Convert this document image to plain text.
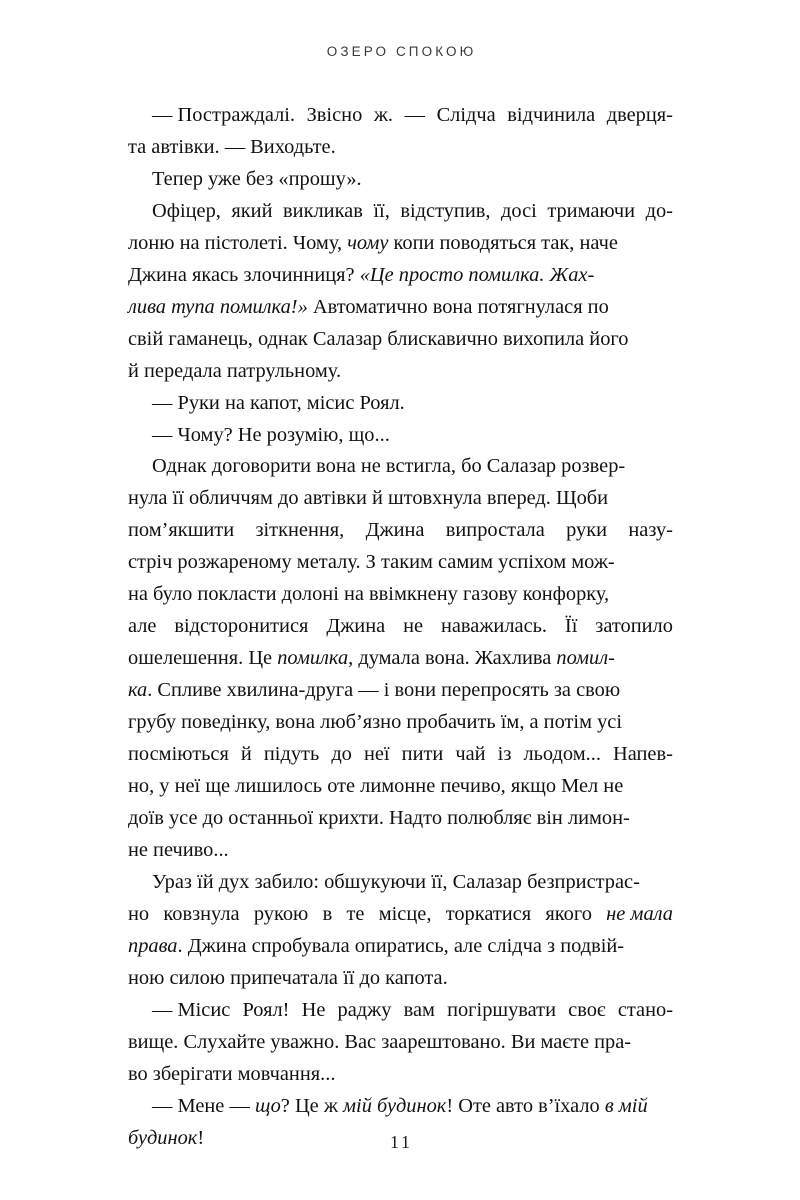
ОЗЕРО СПОКОЮ

— Постраждалі. Звісно ж. — Слідча відчинила дверця-
та автівки. — Виходьте.

Тепер уже без «прошу».

Офіцер, який викликав її, відступив, досі тримаючи до-
лоню на пістолеті. Чому, чому копи поводяться так, наче
Джина якась злочинниця? «Це просто помилка. Жах-
лива тупа помилка!» Автоматично вона потягнулася по
свій гаманець, однак Салазар блискавично вихопила його
й передала патрульному.

— Руки на капот, місис Роял.

— Чому? Не розумію, що...

Однак договорити вона не встигла, бо Салазар розвер-
нула її обличчям до автівки й штовхнула вперед. Щоби
пом’якшити зіткнення, Джина випростала руки назу-
стріч розжареному металу. З таким самим успіхом мож-
на було покласти долоні на ввімкнену газову конфорку,
але відсторонитися Джина не наважилась. Її затопило
ошелешення. Це помилка, думала вона. Жахлива помил-
ка. Спливе хвилина-друга — і вони перепросять за свою
грубу поведінку, вона люб’язно пробачить їм, а потім усі
посміються й підуть до неї пити чай із льодом... Напев-
но, у неї ще лишилось оте лимонне печиво, якщо Мел не
доїв усе до останньої крихти. Надто полюбляє він лимон-
не печиво...

Ураз їй дух забило: обшукуючи її, Салазар безпристрас-
но ковзнула рукою в те місце, торкатися якого не мала
права. Джина спробувала опиратись, але слідча з подвій-
ною силою припечатала її до капота.

— Місис Роял! Не раджу вам погіршувати своє стано-
вище. Слухайте уважно. Вас заарештовано. Ви маєте пра-
во зберігати мовчання...

— Мене — що? Це ж мій будинок! Оте авто в’їхало в мій
будинок!	11
